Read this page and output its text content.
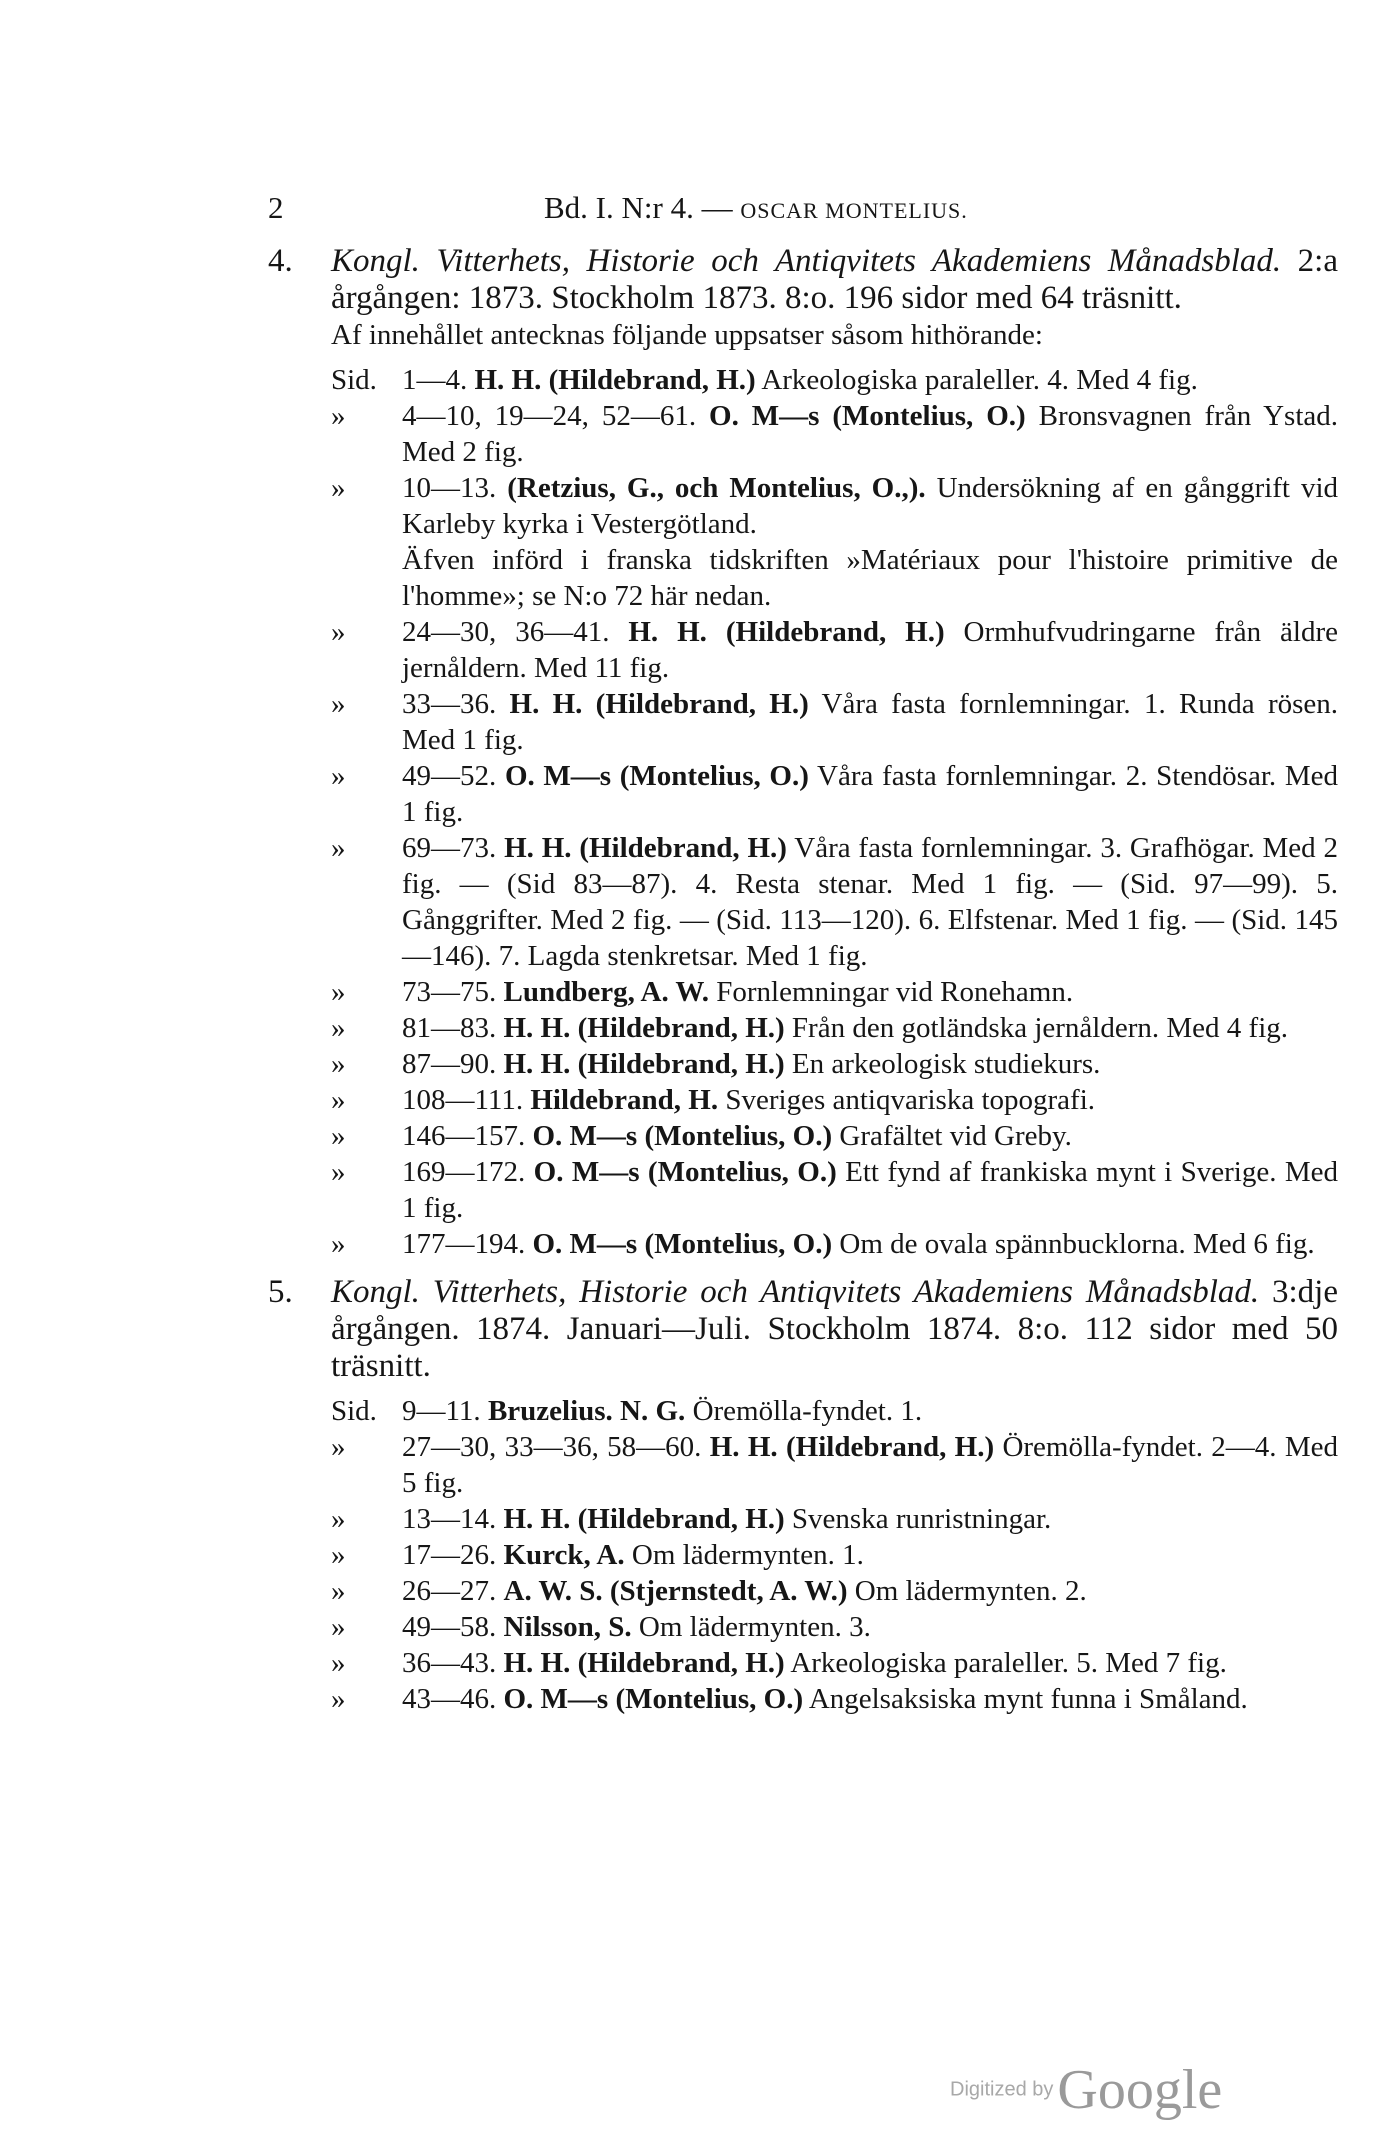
2	Bd. I. N:r 4. — OSCAR MONTELIUS.
4. Kongl. Vitterhets, Historie och Antiqvitets Akademiens Månadsblad. 2:a årgången: 1873. Stockholm 1873. 8:o. 196 sidor med 64 träsnitt.
Af innehållet antecknas följande uppsatser såsom hithörande:
Sid. 1—4. H. H. (Hildebrand, H.) Arkeologiska paraleller. 4. Med 4 fig.
» 4—10, 19—24, 52—61. O. M—s (Montelius, O.) Bronsvagnen från Ystad. Med 2 fig.
» 10—13. (Retzius, G., och Montelius, O.,). Undersökning af en gånggrift vid Karleby kyrka i Vestergötland.
Äfven införd i franska tidskriften »Matériaux pour l'histoire primitive de l'homme»; se N:o 72 här nedan.
» 24—30, 36—41. H. H. (Hildebrand, H.) Ormhufvudringarne från äldre jernåldern. Med 11 fig.
» 33—36. H. H. (Hildebrand, H.) Våra fasta fornlemningar. 1. Runda rösen. Med 1 fig.
» 49—52. O. M—s (Montelius, O.) Våra fasta fornlemningar. 2. Stendösar. Med 1 fig.
» 69—73. H. H. (Hildebrand, H.) Våra fasta fornlemningar. 3. Grafhögar. Med 2 fig. — (Sid 83—87). 4. Resta stenar. Med 1 fig. — (Sid. 97—99). 5. Gånggrifter. Med 2 fig. — (Sid. 113—120). 6. Elfstenar. Med 1 fig. — (Sid. 145—146). 7. Lagda stenkretsar. Med 1 fig.
» 73—75. Lundberg, A. W. Fornlemningar vid Ronehamn.
» 81—83. H. H. (Hildebrand, H.) Från den gotländska jernåldern. Med 4 fig.
» 87—90. H. H. (Hildebrand, H.) En arkeologisk studiekurs.
» 108—111. Hildebrand, H. Sveriges antiqvariska topografi.
» 146—157. O. M—s (Montelius, O.) Grafältet vid Greby.
» 169—172. O. M—s (Montelius, O.) Ett fynd af frankiska mynt i Sverige. Med 1 fig.
» 177—194. O. M—s (Montelius, O.) Om de ovala spännbucklorna. Med 6 fig.
5. Kongl. Vitterhets, Historie och Antiqvitets Akademiens Månadsblad. 3:dje årgången. 1874. Januari—Juli. Stockholm 1874. 8:o. 112 sidor med 50 träsnitt.
Sid. 9—11. Bruzelius. N. G. Öremölla-fyndet. 1.
» 27—30, 33—36, 58—60. H. H. (Hildebrand, H.) Öremölla-fyndet. 2—4. Med 5 fig.
» 13—14. H. H. (Hildebrand, H.) Svenska runristningar.
» 17—26. Kurck, A. Om lädermynten. 1.
» 26—27. A. W. S. (Stjernstedt, A. W.) Om lädermynten. 2.
» 49—58. Nilsson, S. Om lädermynten. 3.
» 36—43. H. H. (Hildebrand, H.) Arkeologiska paraleller. 5. Med 7 fig.
» 43—46. O. M—s (Montelius, O.) Angelsaksiska mynt funna i Småland.
Digitized by Google
